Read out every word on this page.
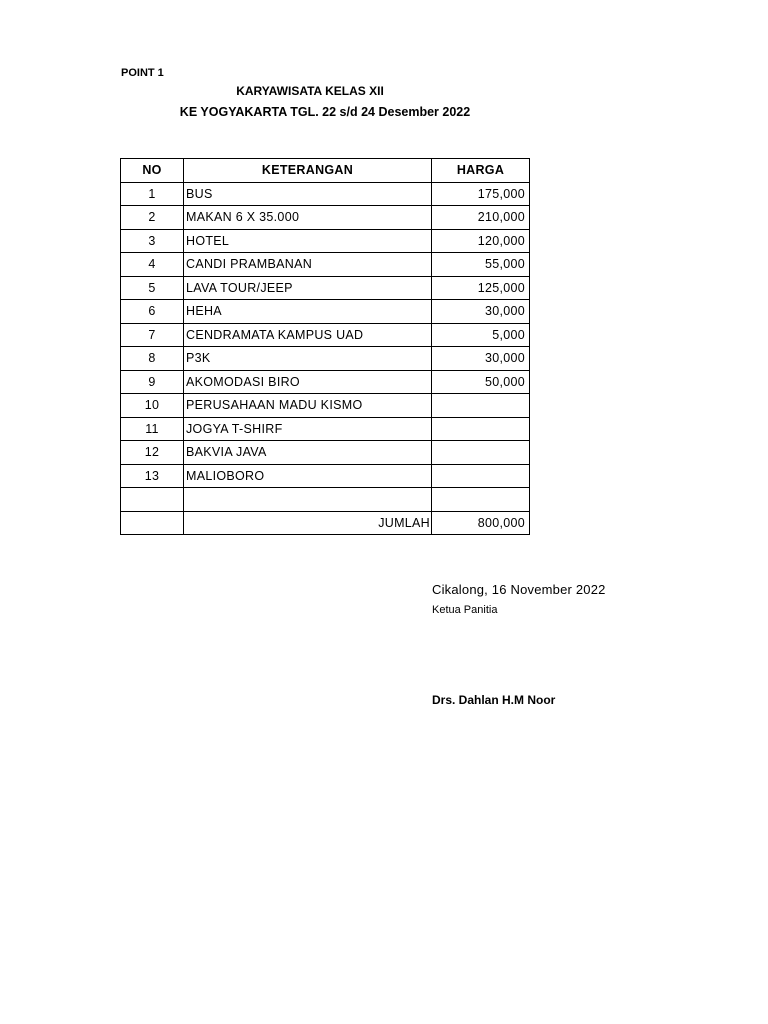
POINT 1
KARYAWISATA KELAS XII
KE YOGYAKARTA TGL. 22 s/d 24 Desember 2022
NO	KETERANGAN	HARGA
1	BUS	175,000
2	MAKAN 6 X 35.000	210,000
3	HOTEL	120,000
4	CANDI PRAMBANAN	55,000
5	LAVA TOUR/JEEP	125,000
6	HEHA	30,000
7	CENDRAMATA KAMPUS UAD	5,000
8	P3K	30,000
9	AKOMODASI BIRO	50,000
10	PERUSAHAAN MADU KISMO	
11	JOGYA T-SHIRF	
12	BAKVIA JAVA	
13	MALIOBORO	

	JUMLAH	800,000
Cikalong, 16 November 2022
Ketua Panitia
Drs. Dahlan H.M Noor
